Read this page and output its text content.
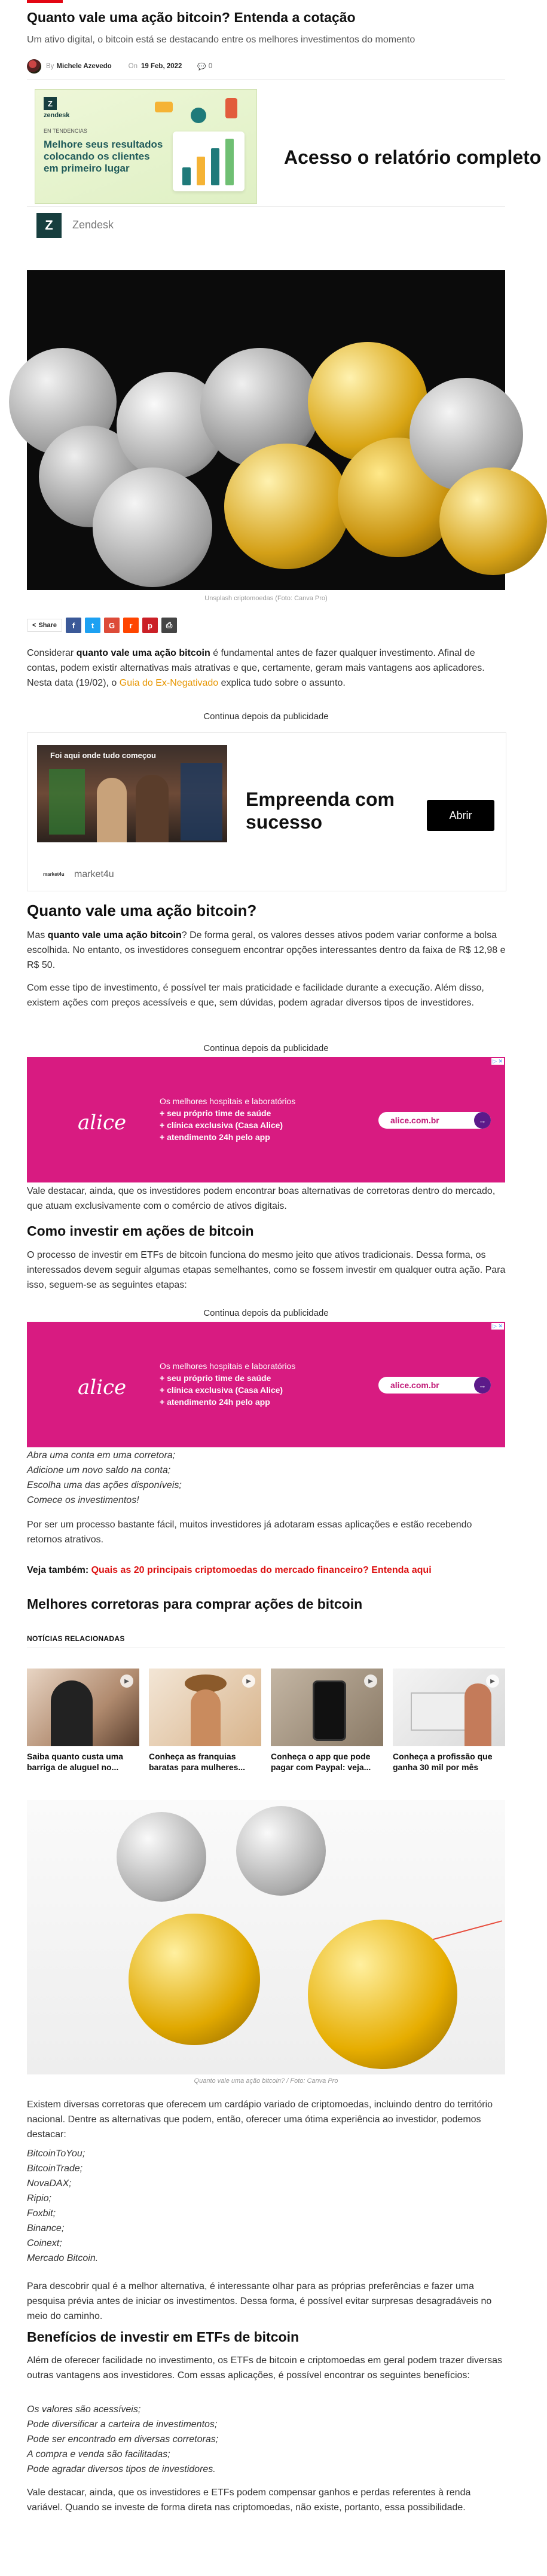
Quanto vale uma ação bitcoin? Entenda a cotação
Um ativo digital, o bitcoin está se destacando entre os melhores investimentos do momento
By Michele Azevedo On 19 Feb, 2022 💬 0
Z
zendesk
EN TENDENCIAS
Melhore seus resultados colocando os clientes em primeiro lugar
Acesso o relatório completo
Z	Zendesk
Unsplash criptomoedas (Foto: Canva Pro)
< Share	f	t	G	r	p	⎙
Considerar quanto vale uma ação bitcoin é fundamental antes de fazer qualquer investimento. Afinal de contas, podem existir alternativas mais atrativas e que, certamente, geram mais vantagens aos aplicadores. Nesta data (19/02), o Guia do Ex-Negativado explica tudo sobre o assunto.
Continua depois da publicidade
Foi aqui onde tudo começou
Empreenda com
sucesso	Abrir
market4u market4u
Quanto vale uma ação bitcoin?
Mas quanto vale uma ação bitcoin? De forma geral, os valores desses ativos podem variar conforme a bolsa escolhida. No entanto, os investidores conseguem encontrar opções interessantes dentro da faixa de R$ 12,98 e R$ 50.
Com esse tipo de investimento, é possível ter mais praticidade e facilidade durante a execução. Além disso, existem ações com preços acessíveis e que, sem dúvidas, podem agradar diversos tipos de investidores.
Continua depois da publicidade
▷ ✕
alice
Os melhores hospitais e laboratórios
+ seu próprio time de saúde
+ clínica exclusiva (Casa Alice)
+ atendimento 24h pelo app
alice.com.br	→
Vale destacar, ainda, que os investidores podem encontrar boas alternativas de corretoras dentro do mercado, que atuam exclusivamente com o comércio de ativos digitais.
Como investir em ações de bitcoin
O processo de investir em ETFs de bitcoin funciona do mesmo jeito que ativos tradicionais. Dessa forma, os interessados devem seguir algumas etapas semelhantes, como se fossem investir em qualquer outra ação. Para isso, seguem-se as seguintes etapas:
Continua depois da publicidade
▷ ✕
alice
Os melhores hospitais e laboratórios
+ seu próprio time de saúde
+ clínica exclusiva (Casa Alice)
+ atendimento 24h pelo app
alice.com.br	→
Abra uma conta em uma corretora;
Adicione um novo saldo na conta;
Escolha uma das ações disponíveis;
Comece os investimentos!
Por ser um processo bastante fácil, muitos investidores já adotaram essas aplicações e estão recebendo retornos atrativos.
Veja também: Quais as 20 principais criptomoedas do mercado financeiro? Entenda aqui
Melhores corretoras para comprar ações de bitcoin
NOTÍCIAS RELACIONADAS
▶
Saiba quanto custa uma barriga de aluguel no...
▶
Conheça as franquias baratas para mulheres...
▶
Conheça o app que pode pagar com Paypal: veja...
▶
Conheça a profissão que ganha 30 mil por mês
Quanto vale uma ação bitcoin? / Foto: Canva Pro
Existem diversas corretoras que oferecem um cardápio variado de criptomoedas, incluindo dentro do território nacional. Dentre as alternativas que podem, então, oferecer uma ótima experiência ao investidor, podemos destacar:
BitcoinToYou;
BitcoinTrade;
NovaDAX;
Ripio;
Foxbit;
Binance;
Coinext;
Mercado Bitcoin.
Para descobrir qual é a melhor alternativa, é interessante olhar para as próprias preferências e fazer uma pesquisa prévia antes de iniciar os investimentos. Dessa forma, é possível evitar surpresas desagradáveis no meio do caminho.
Benefícios de investir em ETFs de bitcoin
Além de oferecer facilidade no investimento, os ETFs de bitcoin e criptomoedas em geral podem trazer diversas outras vantagens aos investidores. Com essas aplicações, é possível encontrar os seguintes benefícios:
Os valores são acessíveis;
Pode diversificar a carteira de investimentos;
Pode ser encontrado em diversas corretoras;
A compra e venda são facilitadas;
Pode agradar diversos tipos de investidores.
Vale destacar, ainda, que os investidores e ETFs podem compensar ganhos e perdas referentes à renda variável. Quando se investe de forma direta nas criptomoedas, não existe, portanto, essa possibilidade.
